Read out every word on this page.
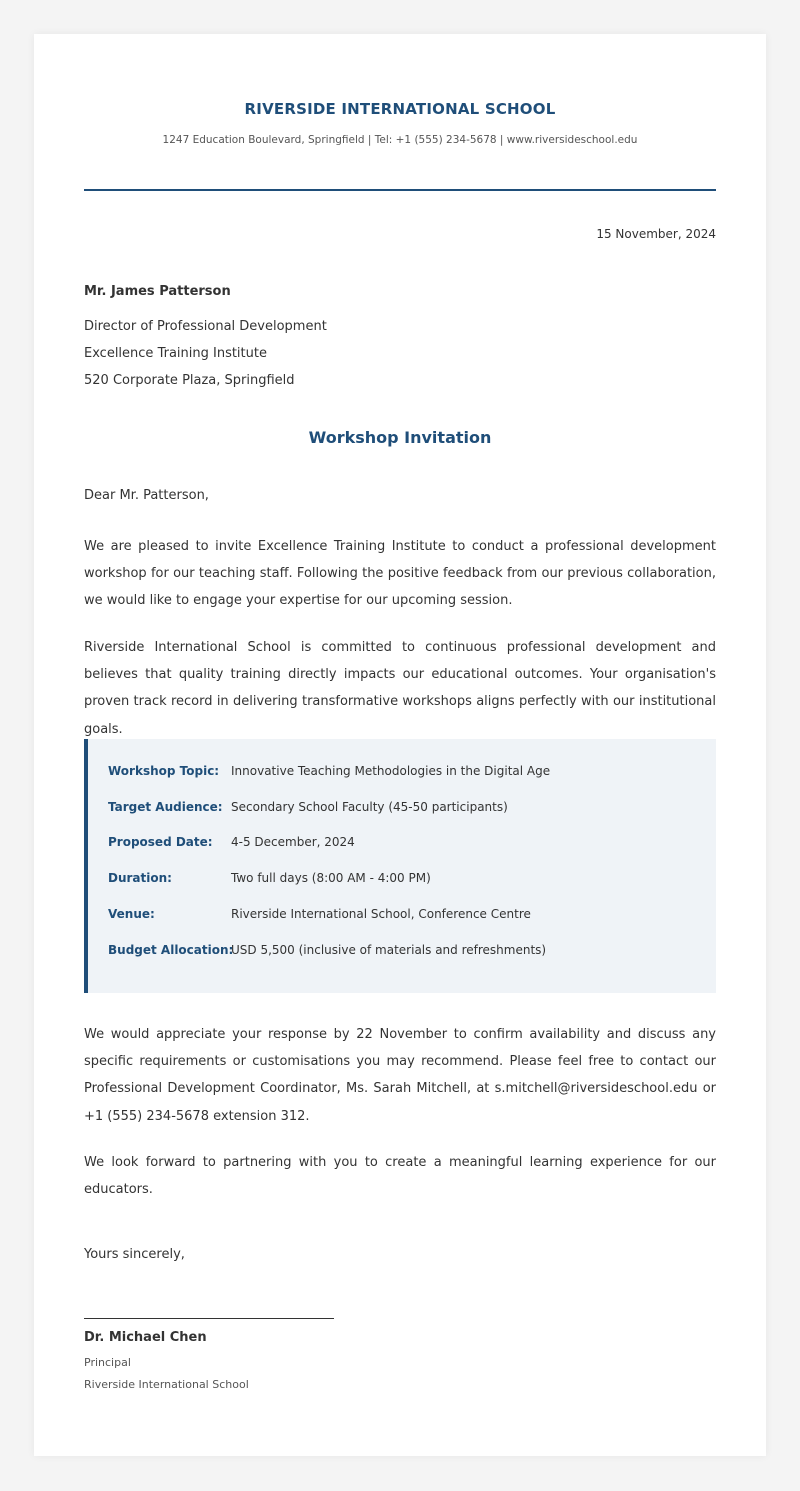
RIVERSIDE INTERNATIONAL SCHOOL
1247 Education Boulevard, Springfield | Tel: +1 (555) 234-5678 | www.riversideschool.edu
15 November, 2024
Mr. James Patterson
Director of Professional Development
Excellence Training Institute
520 Corporate Plaza, Springfield
Workshop Invitation
Dear Mr. Patterson,
We are pleased to invite Excellence Training Institute to conduct a professional development workshop for our teaching staff. Following the positive feedback from our previous collaboration, we would like to engage your expertise for our upcoming session.
Riverside International School is committed to continuous professional development and believes that quality training directly impacts our educational outcomes. Your organisation's proven track record in delivering transformative workshops aligns perfectly with our institutional goals.
Workshop Topic: Innovative Teaching Methodologies in the Digital Age
Target Audience: Secondary School Faculty (45-50 participants)
Proposed Date: 4-5 December, 2024
Duration:	Two full days (8:00 AM - 4:00 PM)
Venue:	Riverside International School, Conference Centre
Budget Allocation:
USD 5,500 (inclusive of materials and refreshments)
We would appreciate your response by 22 November to confirm availability and discuss any specific requirements or customisations you may recommend. Please feel free to contact our Professional Development Coordinator, Ms. Sarah Mitchell, at s.mitchell@riversideschool.edu or +1 (555) 234-5678 extension 312.
We look forward to partnering with you to create a meaningful learning experience for our educators.
Yours sincerely,
Dr. Michael Chen
Principal
Riverside International School
